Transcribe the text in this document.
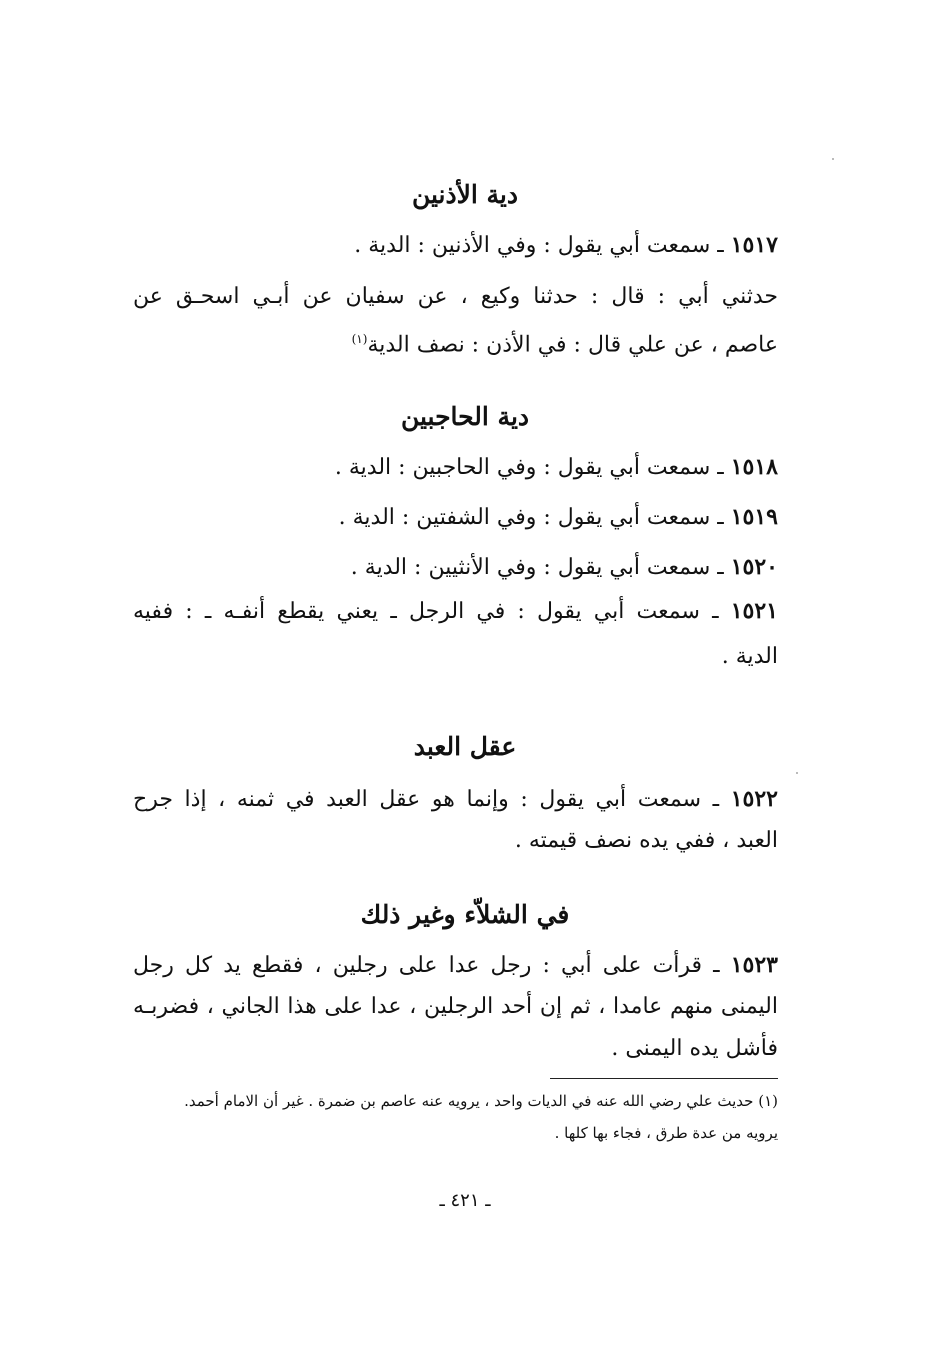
دية الأذنين
١٥١٧ ـ سمعت أبي يقول : وفي الأذنين : الدية .
حدثني أبي : قال : حدثنا وكيع ، عن سفيان عن أبـي اسحـق عن
عاصم ، عن علي قال : في الأذن : نصف الدية$^{(١)}$
دية الحاجبين
١٥١٨ ـ سمعت أبي يقول : وفي الحاجبين : الدية .
١٥١٩ ـ سمعت أبي يقول : وفي الشفتين : الدية .
١٥٢٠ ـ سمعت أبي يقول : وفي الأنثيين : الدية .
١٥٢١ ـ سمعت أبي يقول : في الرجل ـ يعني يقطع أنفـه ـ : ففيه
الدية .
عقل العبد
١٥٢٢ ـ سمعت أبي يقول : وإنما هو عقل العبد في ثمنه ، إذا جرح
العبد ، ففي يده نصف قيمته .
في الشلاّء وغير ذلك
١٥٢٣ ـ قرأت على أبي : رجل عدا على رجلين ، فقطع يد كل رجل
اليمنى منهم عامدا ، ثم إن أحد الرجلين ، عدا على هذا الجاني ، فضربـه
فأشل يده اليمنى .
(١) حديث علي رضي الله عنه في الديات واحد ، يرويه عنه عاصم بن ضمرة . غير أن الامام أحمد.
يرويه من عدة طرق ، فجاء بها كلها .
ـ ٤٢١ ـ
